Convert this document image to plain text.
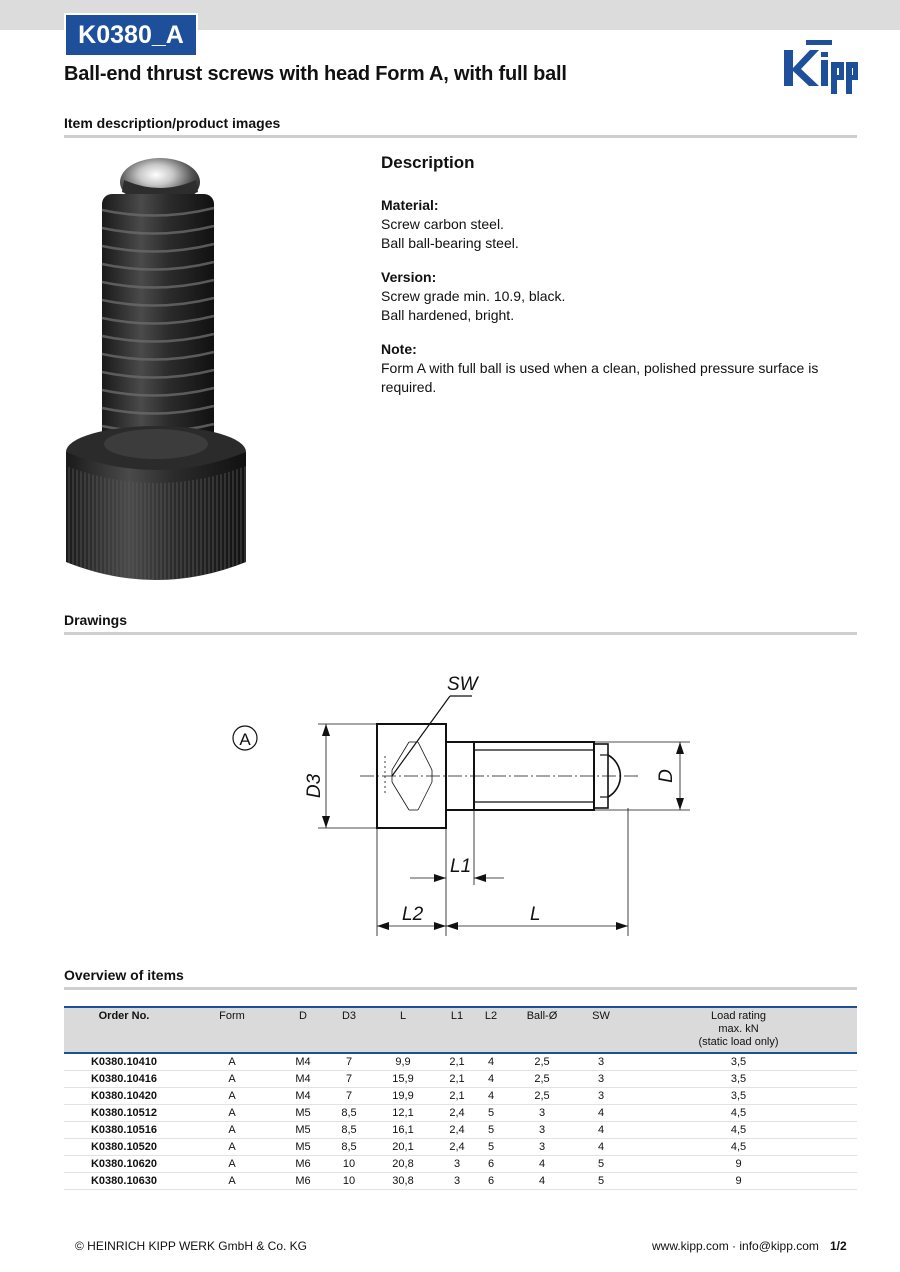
K0380_A
Ball-end thrust screws with head Form A, with full ball
Item description/product images
Description
Material:

Screw carbon steel.
Ball ball-bearing steel.

Version:

Screw grade min. 10.9, black.
Ball hardened, bright.

Note:

Form A with full ball is used when a clean, polished pressure surface is required.

Drawings
A
SW
D3	D
L1
L2	L
Overview of items
Order No.	Form	D	D3	L	L1	L2	Ball-Ø	SW	Load rating
max. kN
(static load only)
K0380.10410	A	M4	7	9,9	2,1	4	2,5	3	3,5
K0380.10416	A	M4	7	15,9	2,1	4	2,5	3	3,5
K0380.10420	A	M4	7	19,9	2,1	4	2,5	3	3,5
K0380.10512	A	M5	8,5	12,1	2,4	5	3	4	4,5
K0380.10516	A	M5	8,5	16,1	2,4	5	3	4	4,5
K0380.10520	A	M5	8,5	20,1	2,4	5	3	4	4,5
K0380.10620	A	M6	10	20,8	3	6	4	5	9
K0380.10630	A	M6	10	30,8	3	6	4	5	9
© HEINRICH KIPP WERK GmbH & Co. KG	www.kipp.com · info@kipp.com 1/2
